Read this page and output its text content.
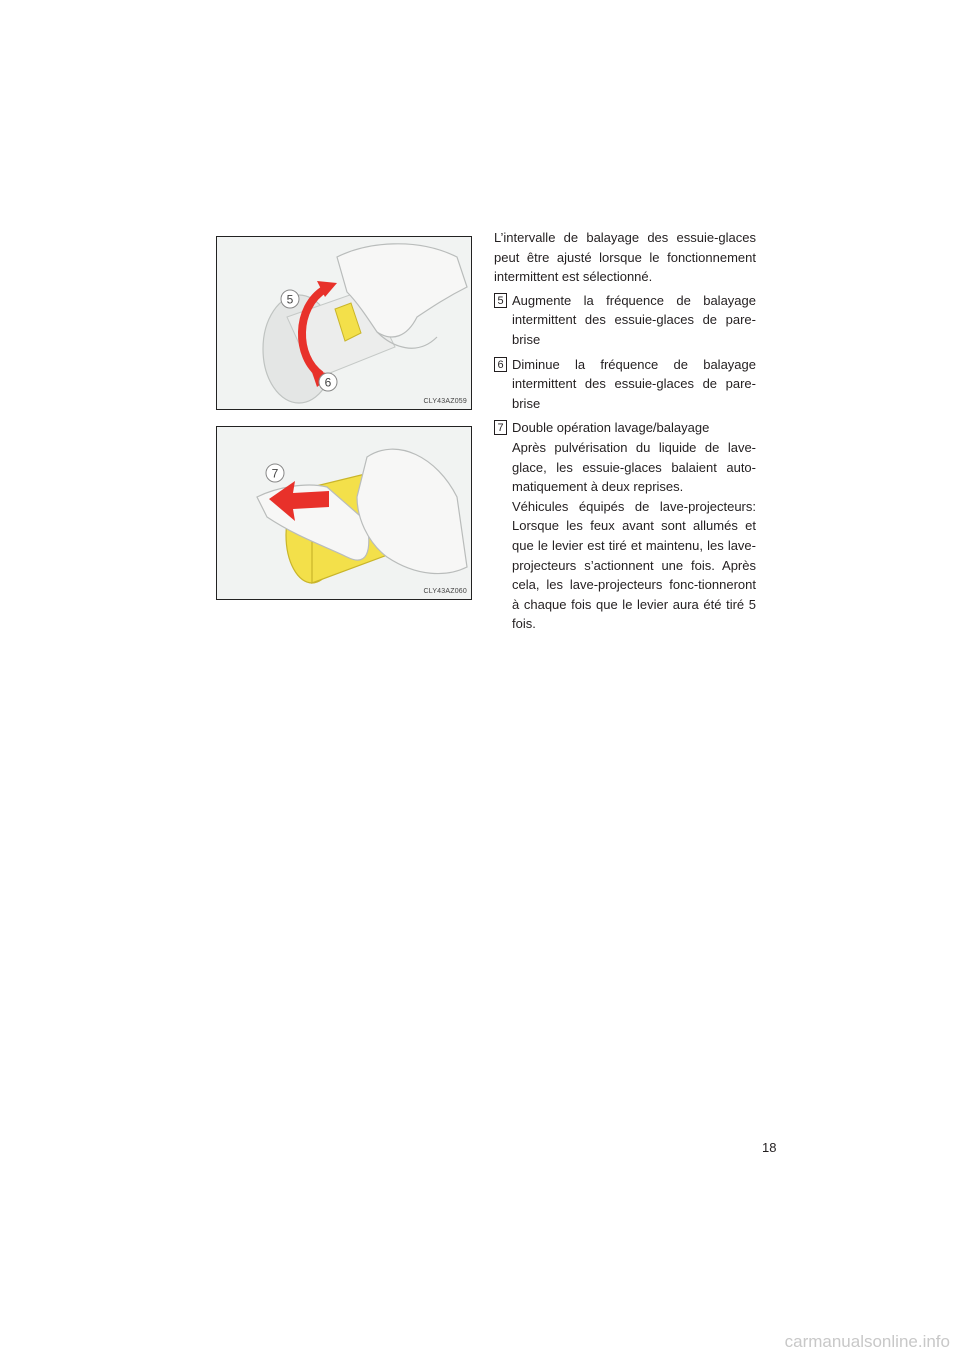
5
6
CLY43AZ059
7
CLY43AZ060

L’intervalle de balayage des essuie-glaces peut être ajusté lorsque le fonctionnement intermittent est sélectionné.

5 Augmente la fréquence de balayage intermittent des essuie-glaces de pare-brise

6 Diminue la fréquence de balayage intermittent des essuie-glaces de pare-brise

7 Double opération lavage/balayage

Après pulvérisation du liquide de lave-glace, les essuie-glaces balaient auto-matiquement à deux reprises.

Véhicules équipés de lave-projecteurs: Lorsque les feux avant sont allumés et que le levier est tiré et maintenu, les lave-projecteurs s’actionnent une fois. Après cela, les lave-projecteurs fonc-tionneront à chaque fois que le levier aura été tiré 5 fois.

18
carmanualsonline.info
